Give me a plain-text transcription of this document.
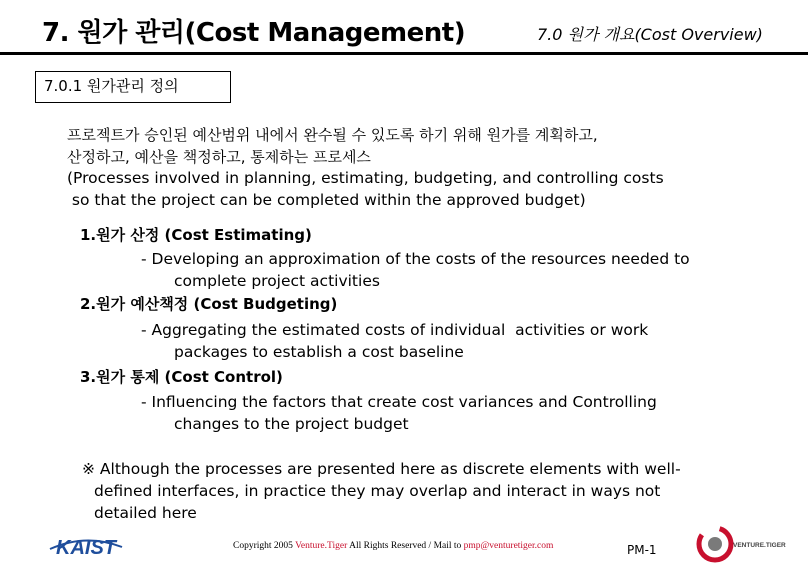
7. 원가 관리(Cost Management)	7.0 원가 개요(Cost Overview)
7.0.1 원가관리 정의
프로젝트가 승인된 예산범위 내에서 완수될 수 있도록 하기 위해 원가를 계획하고,
산정하고, 예산을 책정하고, 통제하는 프로세스
(Processes involved in planning, estimating, budgeting, and controlling costs
so that the project can be completed within the approved budget)
1.원가 산정 (Cost Estimating)
- Developing an approximation of the costs of the resources needed to
complete project activities
2.원가 예산책정 (Cost Budgeting)
- Aggregating the estimated costs of individual  activities or work
packages to establish a cost baseline
3.원가 통제 (Cost Control)
- Influencing the factors that create cost variances and Controlling
changes to the project budget
※ Although the processes are presented here as discrete elements with well-
defined interfaces, in practice they may overlap and interact in ways not
detailed here
KAIST	Copyright 2005 Venture.Tiger All Rights Reserved / Mail to pmp@venturetiger.com	PM-1	VENTURE.TIGER
